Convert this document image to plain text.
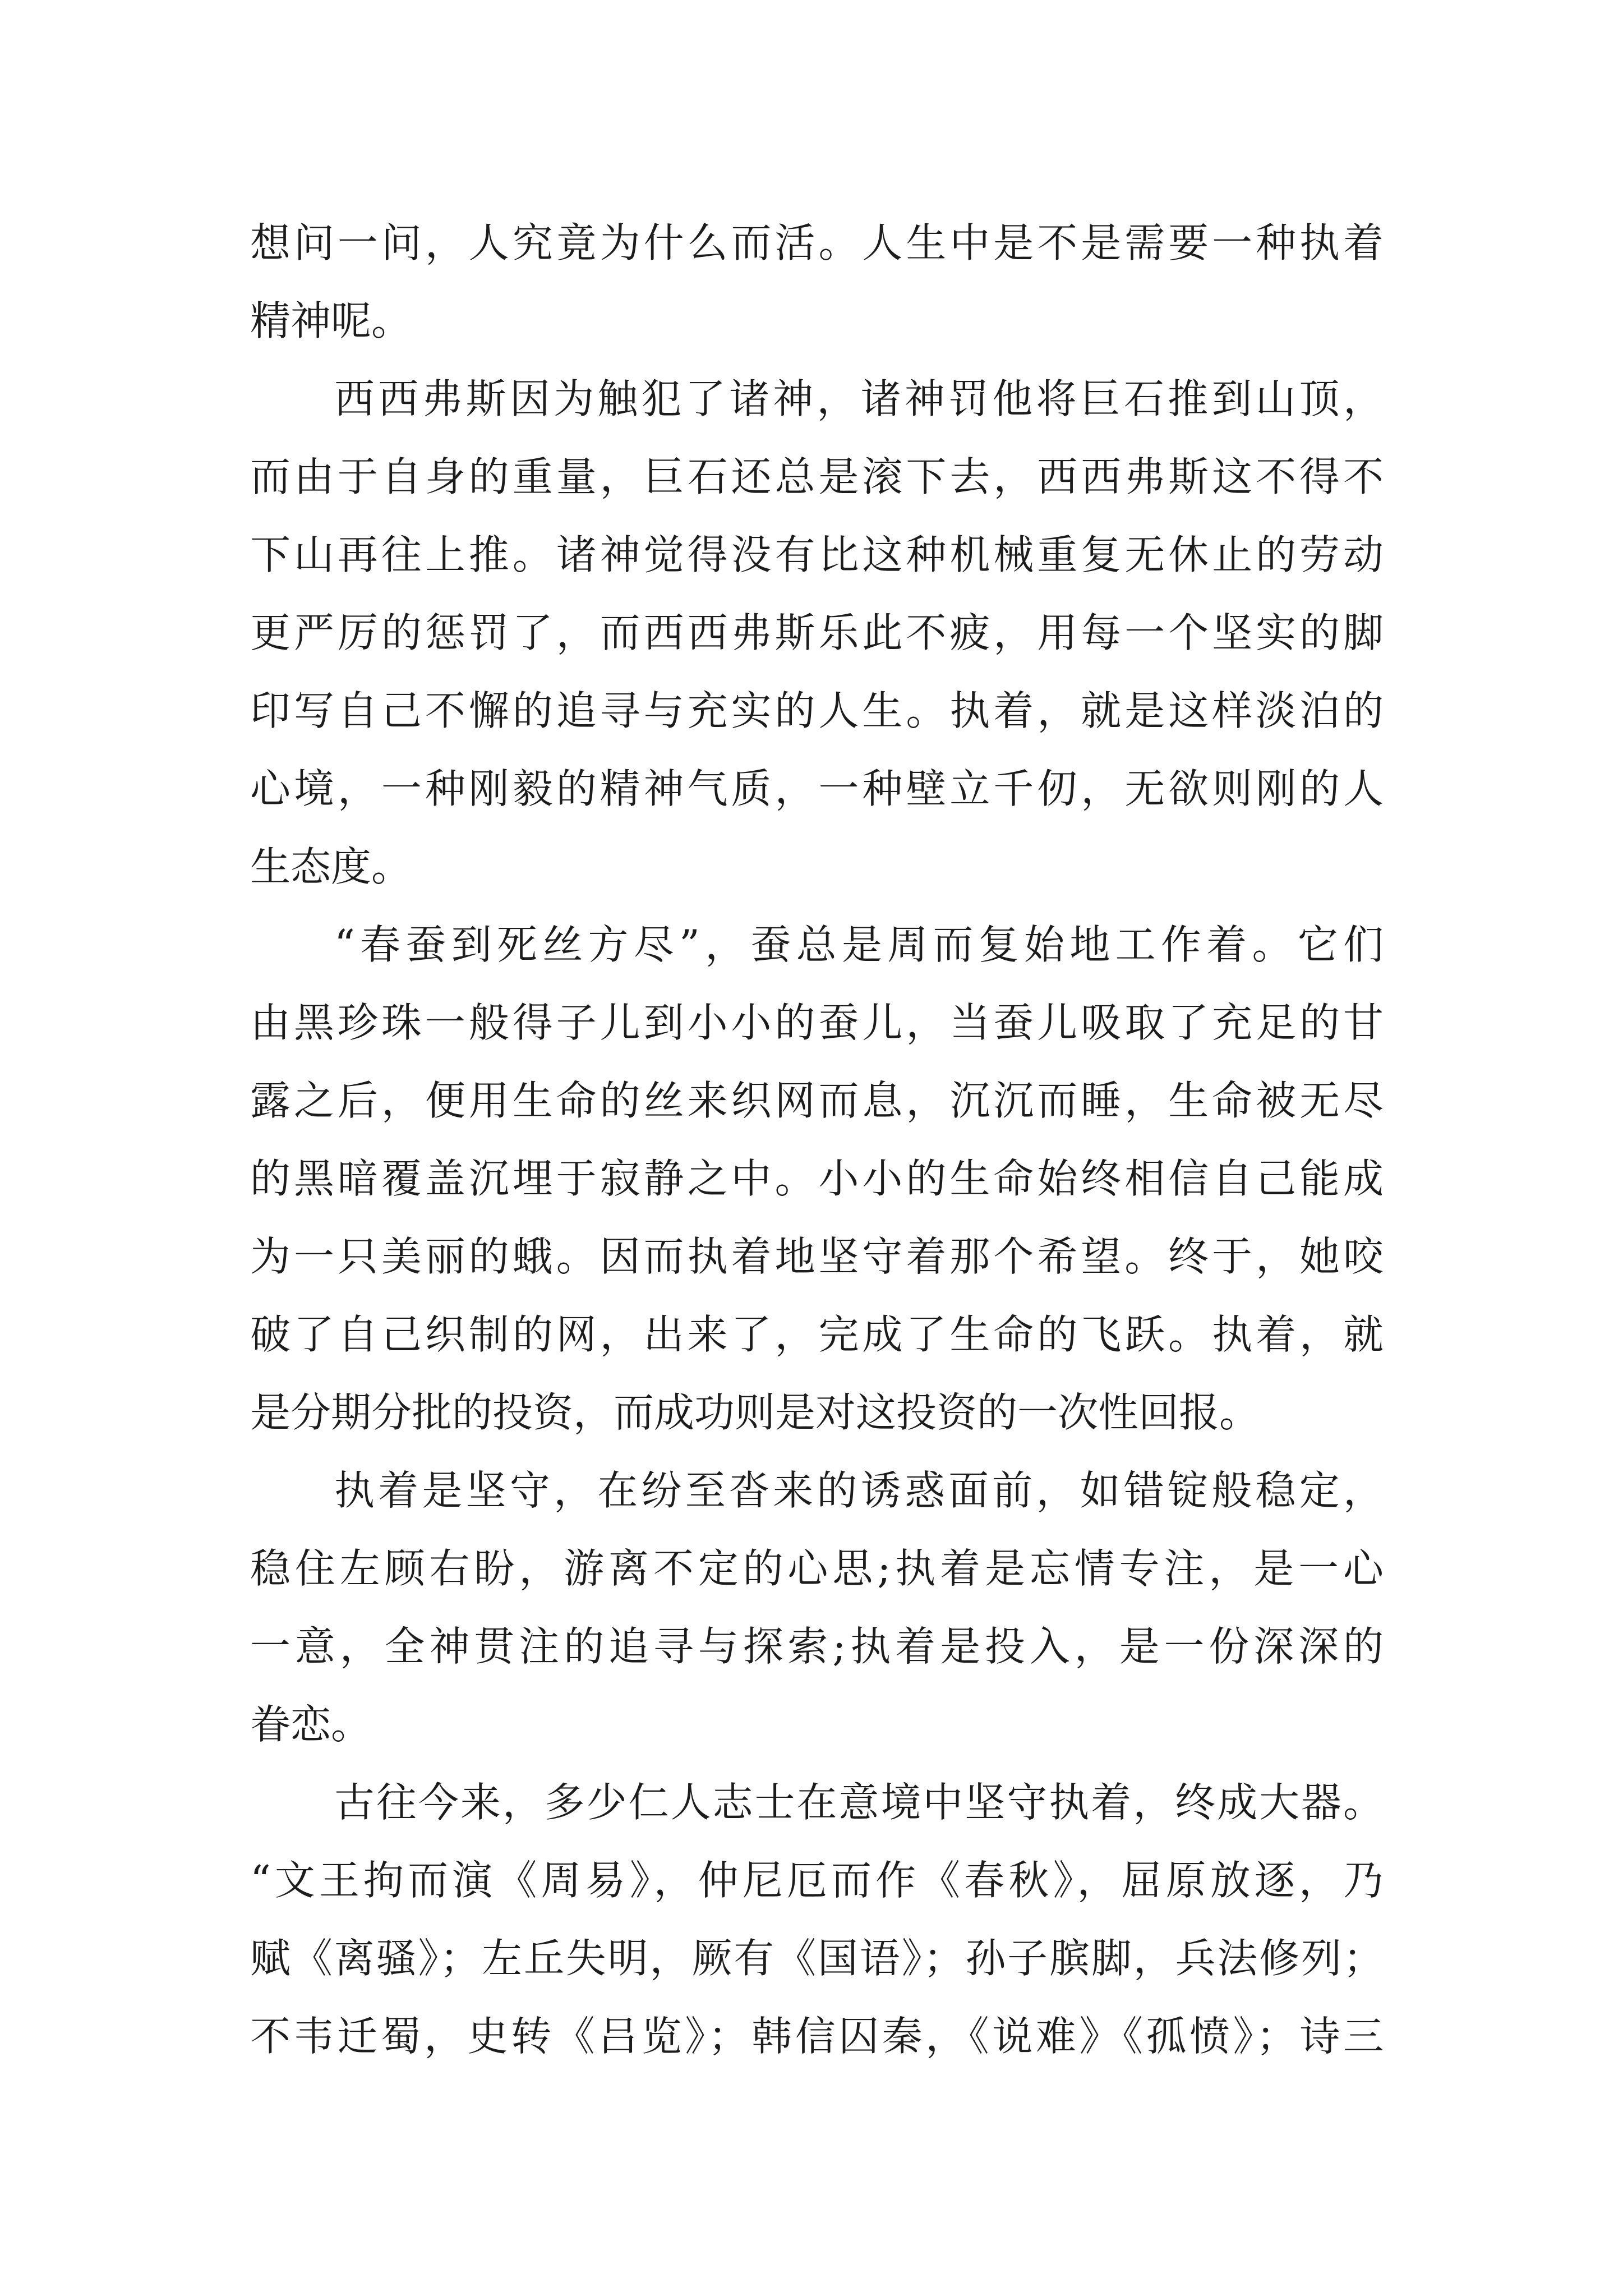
想问一问，人究竟为什么而活。人生中是不是需要一种执着
精神呢。
西西弗斯因为触犯了诸神，诸神罚他将巨石推到山顶，
而由于自身的重量，巨石还总是滚下去，西西弗斯这不得不
下山再往上推。诸神觉得没有比这种机械重复无休止的劳动
更严厉的惩罚了，而西西弗斯乐此不疲，用每一个坚实的脚
印写自己不懈的追寻与充实的人生。执着，就是这样淡泊的
心境，一种刚毅的精神气质，一种壁立千仞，无欲则刚的人
生态度。
“春蚕到死丝方尽”，蚕总是周而复始地工作着。它们
由黑珍珠一般得子儿到小小的蚕儿，当蚕儿吸取了充足的甘
露之后，便用生命的丝来织网而息，沉沉而睡，生命被无尽
的黑暗覆盖沉埋于寂静之中。小小的生命始终相信自己能成
为一只美丽的蛾。因而执着地坚守着那个希望。终于，她咬
破了自己织制的网，出来了，完成了生命的飞跃。执着，就
是分期分批的投资，而成功则是对这投资的一次性回报。
执着是坚守，在纷至沓来的诱惑面前，如错锭般稳定，
稳住左顾右盼，游离不定的心思;执着是忘情专注，是一心
一意，全神贯注的追寻与探索;执着是投入，是一份深深的
眷恋。
古往今来，多少仁人志士在意境中坚守执着，终成大器。
“文王拘而演《周易》，仲尼厄而作《春秋》，屈原放逐，乃
赋《离骚》；左丘失明，厥有《国语》；孙子膑脚，兵法修列；
不韦迁蜀，史转《吕览》；韩信囚秦，《说难》《孤愤》；诗三
